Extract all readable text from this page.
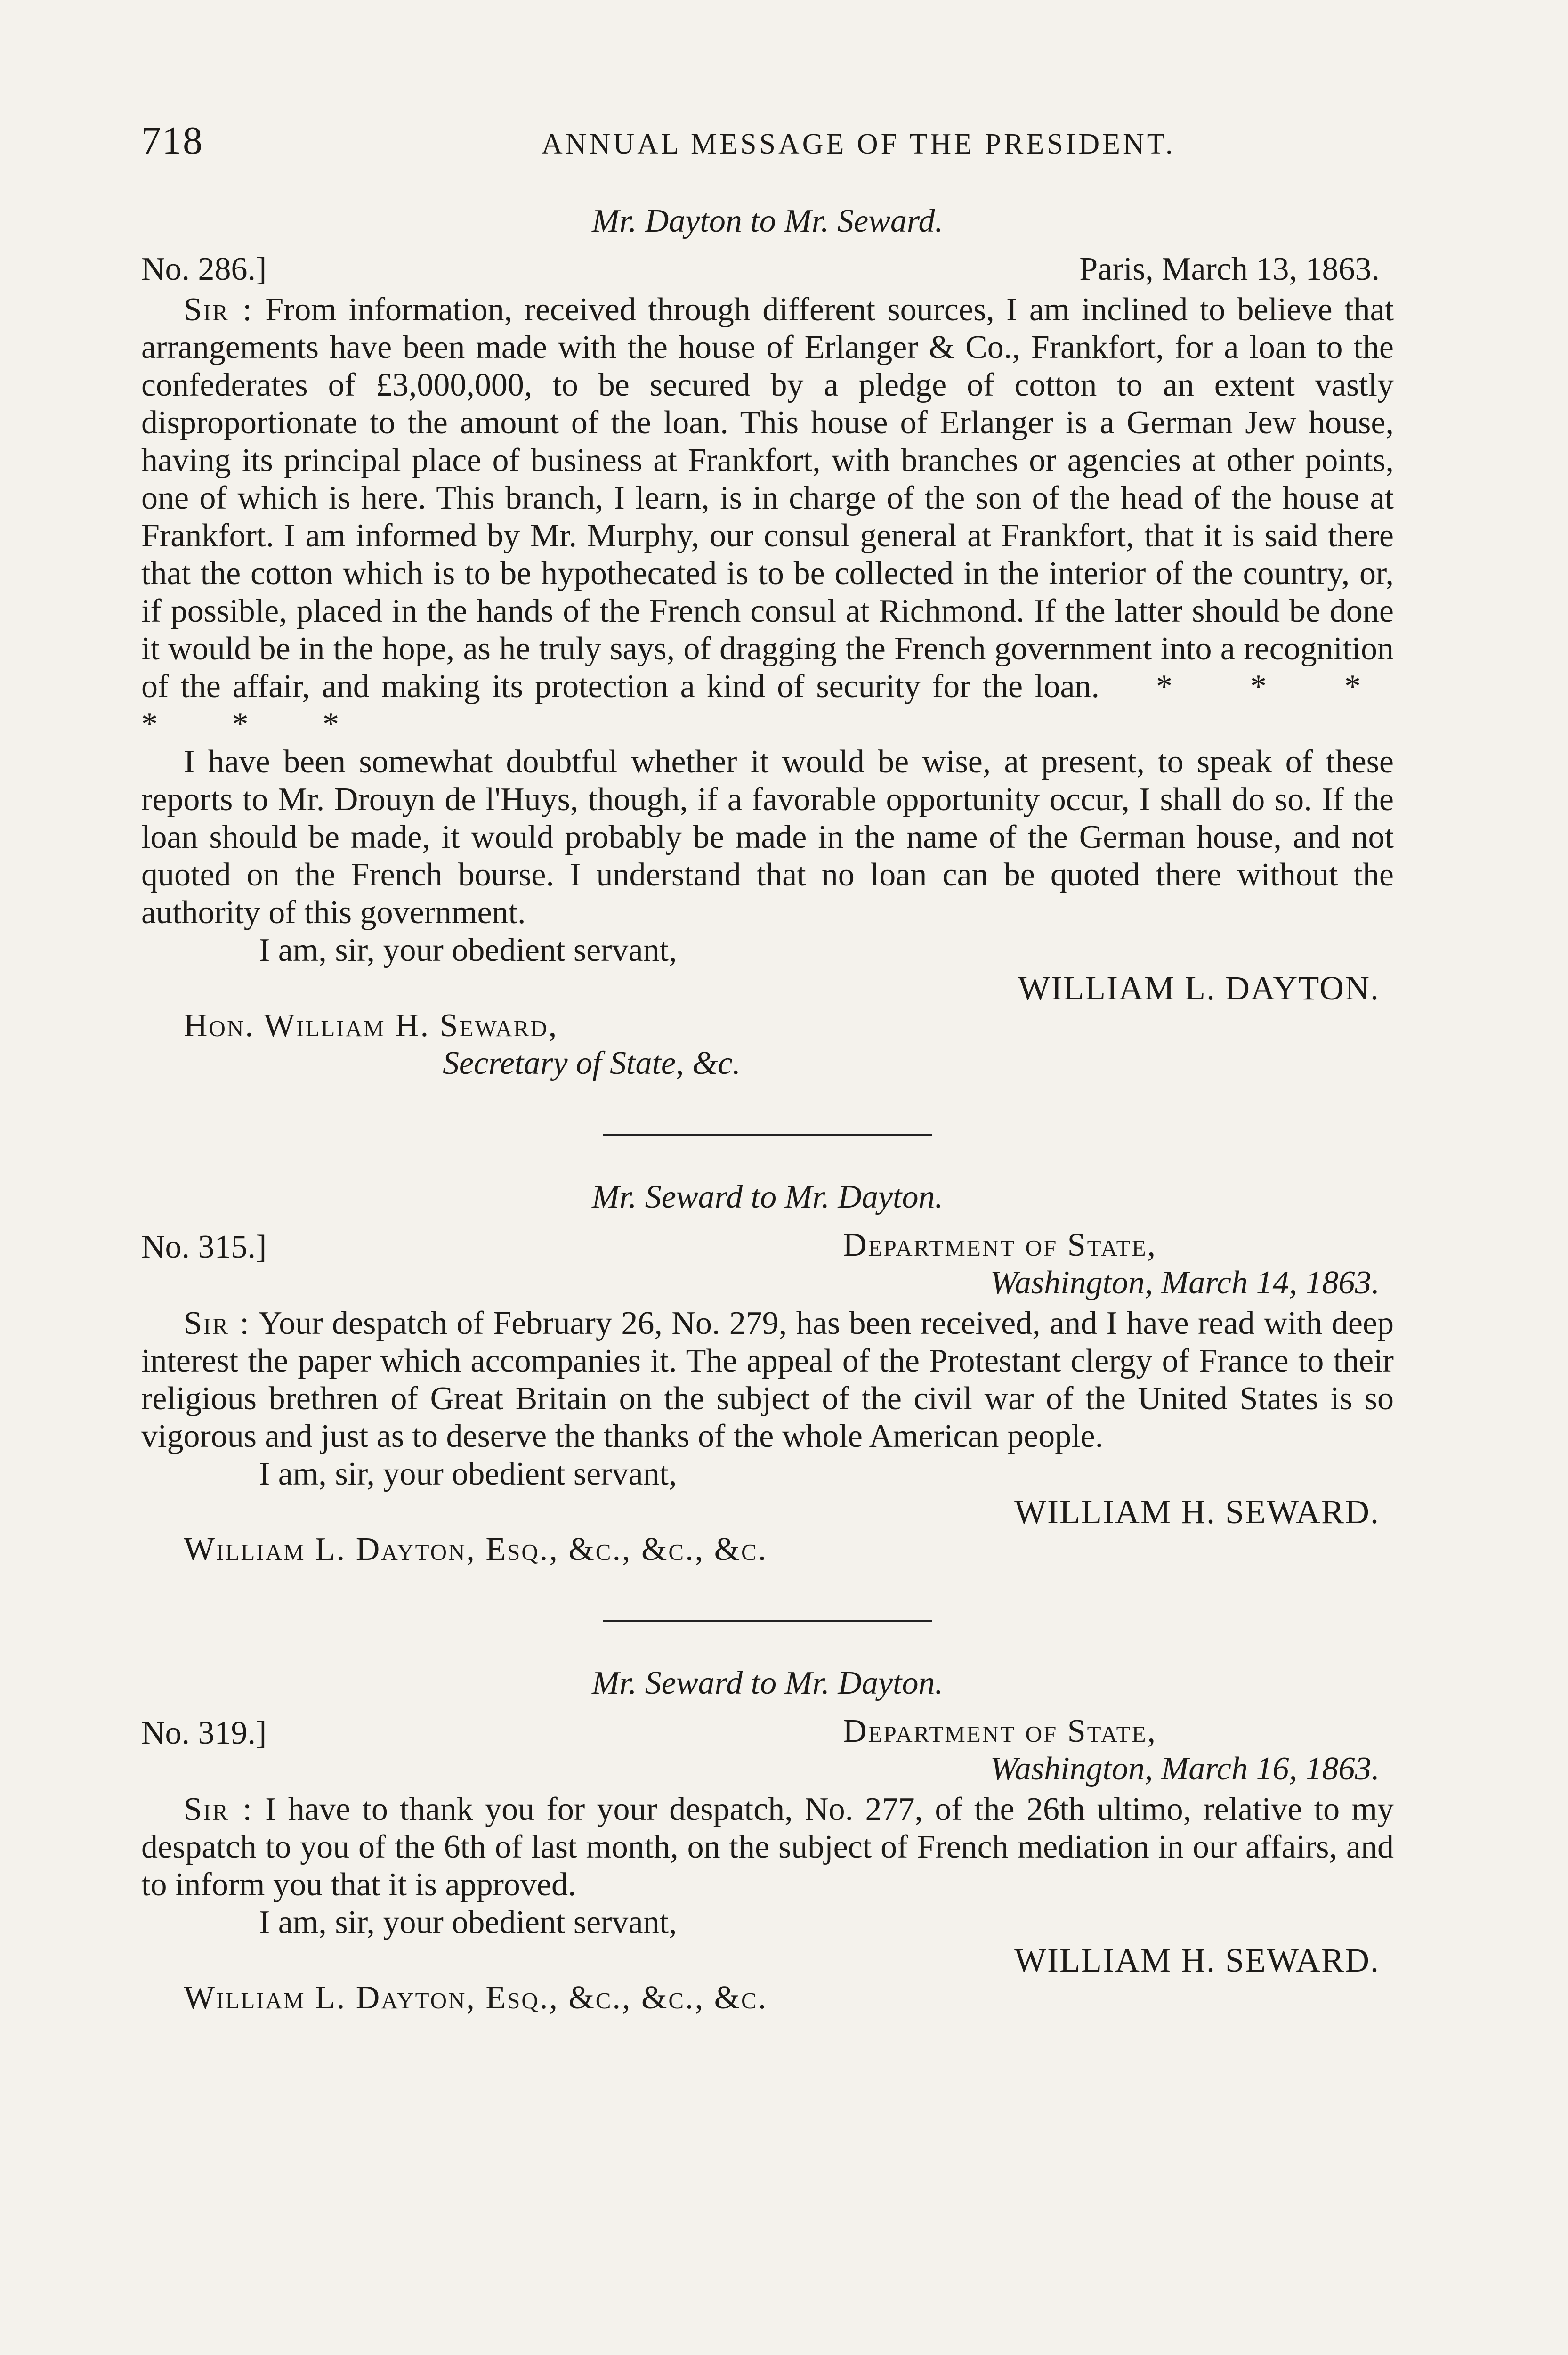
718	ANNUAL MESSAGE OF THE PRESIDENT.
Mr. Dayton to Mr. Seward.
No. 286.]	Paris, March 13, 1863.

Sir : From information, received through different sources, I am inclined to believe that arrangements have been made with the house of Erlanger & Co., Frankfort, for a loan to the confederates of £3,000,000, to be secured by a pledge of cotton to an extent vastly disproportionate to the amount of the loan. This house of Erlanger is a German Jew house, having its principal place of business at Frankfort, with branches or agencies at other points, one of which is here. This branch, I learn, is in charge of the son of the head of the house at Frankfort. I am informed by Mr. Murphy, our consul general at Frankfort, that it is said there that the cotton which is to be hypothecated is to be collected in the interior of the country, or, if possible, placed in the hands of the French consul at Richmond. If the latter should be done it would be in the hope, as he truly says, of dragging the French government into a recognition of the affair, and making its protection a kind of security for the loan. * * * * * *

I have been somewhat doubtful whether it would be wise, at present, to speak of these reports to Mr. Drouyn de l'Huys, though, if a favorable opportunity occur, I shall do so. If the loan should be made, it would probably be made in the name of the German house, and not quoted on the French bourse. I understand that no loan can be quoted there without the authority of this government.

I am, sir, your obedient servant,
WILLIAM L. DAYTON.
Hon. William H. Seward,
Secretary of State, &c.
Mr. Seward to Mr. Dayton.
No. 315.]	Department of State,
Washington, March 14, 1863.

Sir : Your despatch of February 26, No. 279, has been received, and I have read with deep interest the paper which accompanies it. The appeal of the Protestant clergy of France to their religious brethren of Great Britain on the subject of the civil war of the United States is so vigorous and just as to deserve the thanks of the whole American people.

I am, sir, your obedient servant,
WILLIAM H. SEWARD.
William L. Dayton, Esq., &c., &c., &c.
Mr. Seward to Mr. Dayton.
No. 319.]	Department of State,
Washington, March 16, 1863.

Sir : I have to thank you for your despatch, No. 277, of the 26th ultimo, relative to my despatch to you of the 6th of last month, on the subject of French mediation in our affairs, and to inform you that it is approved.

I am, sir, your obedient servant,
WILLIAM H. SEWARD.
William L. Dayton, Esq., &c., &c., &c.
